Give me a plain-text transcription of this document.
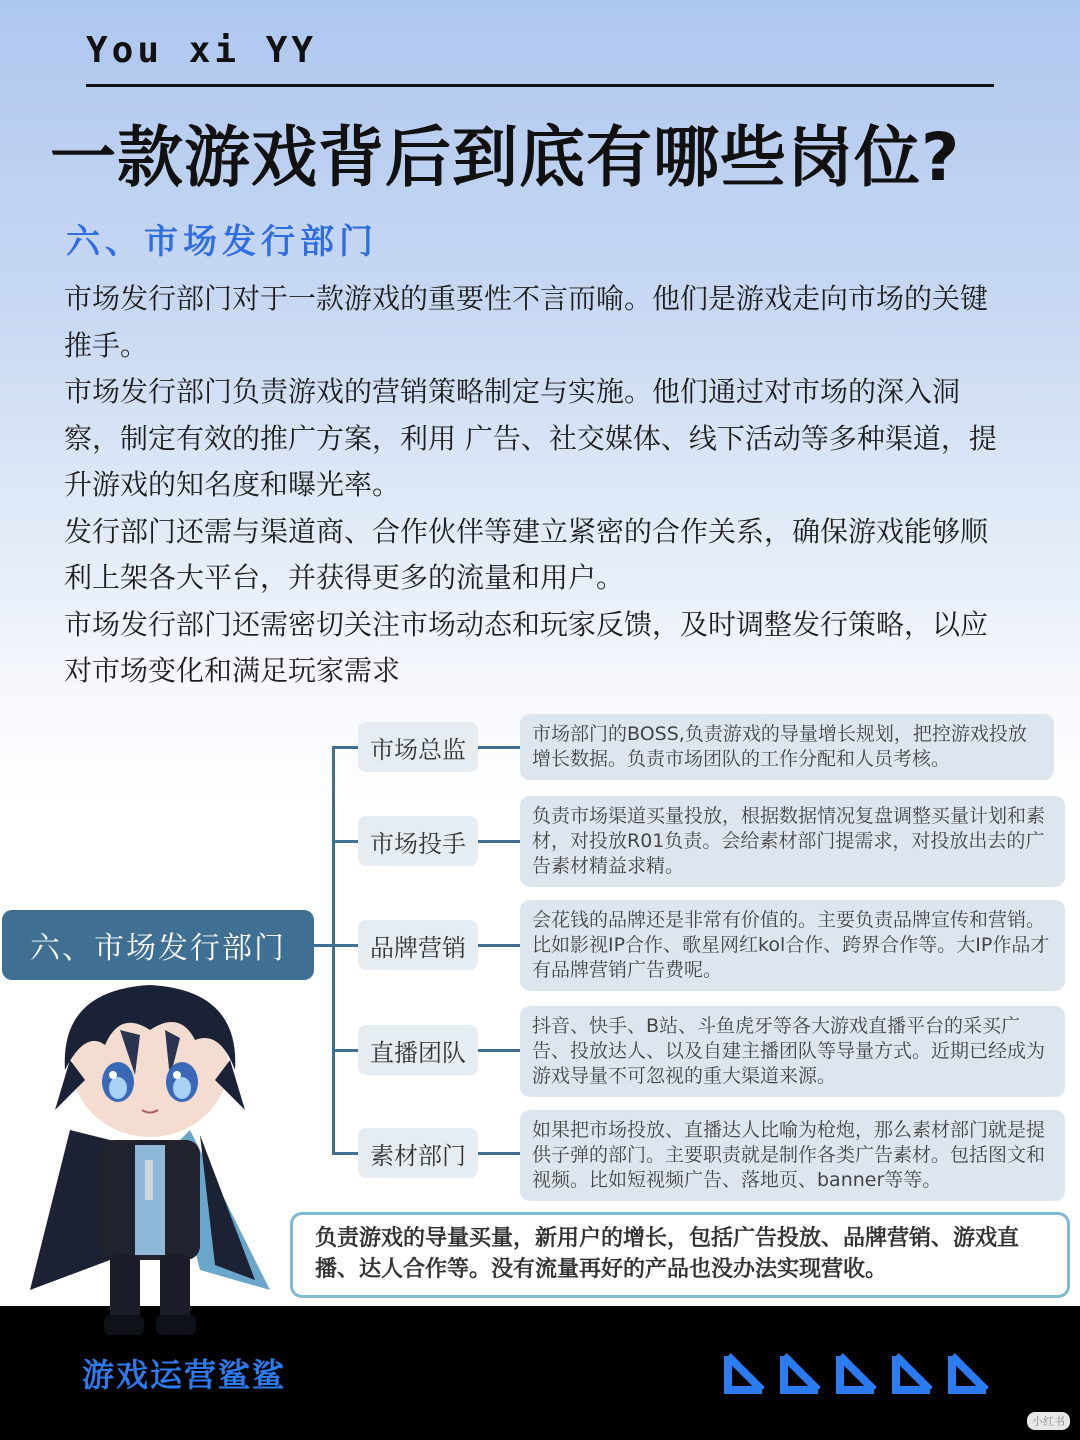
You xi YY
一款游戏背后到底有哪些岗位?
六、市场发行部门

市场发行部门对于一款游戏的重要性不言而喻。他们是游戏走向市场的关键推手。

市场发行部门负责游戏的营销策略制定与实施。他们通过对市场的深入洞察，制定有效的推广方案，利用 广告、社交媒体、线下活动等多种渠道，提升游戏的知名度和曝光率。

发行部门还需与渠道商、合作伙伴等建立紧密的合作关系，确保游戏能够顺利上架各大平台，并获得更多的流量和用户。

市场发行部门还需密切关注市场动态和玩家反馈，及时调整发行策略，以应对市场变化和满足玩家需求

六、市场发行部门
市场总监
市场投手
品牌营销
直播团队
素材部门
市场部门的BOSS,负责游戏的导量增长规划，把控游戏投放增长数据。负责市场团队的工作分配和人员考核。
负责市场渠道买量投放，根据数据情况复盘调整买量计划和素材，对投放R01负责。会给素材部门提需求，对投放出去的广告素材精益求精。
会花钱的品牌还是非常有价值的。主要负责品牌宣传和营销。比如影视IP合作、歌星网红kol合作、跨界合作等。大IP作品才有品牌营销广告费呢。
抖音、快手、B站、斗鱼虎牙等各大游戏直播平台的采买广告、投放达人、以及自建主播团队等导量方式。近期已经成为游戏导量不可忽视的重大渠道来源。
如果把市场投放、直播达人比喻为枪炮，那么素材部门就是提供子弹的部门。主要职责就是制作各类广告素材。包括图文和视频。比如短视频广告、落地页、banner等等。
负责游戏的导量买量，新用户的增长，包括广告投放、品牌营销、游戏直播、达人合作等。没有流量再好的产品也没办法实现营收。
游戏运营鲨鲨
小红书
